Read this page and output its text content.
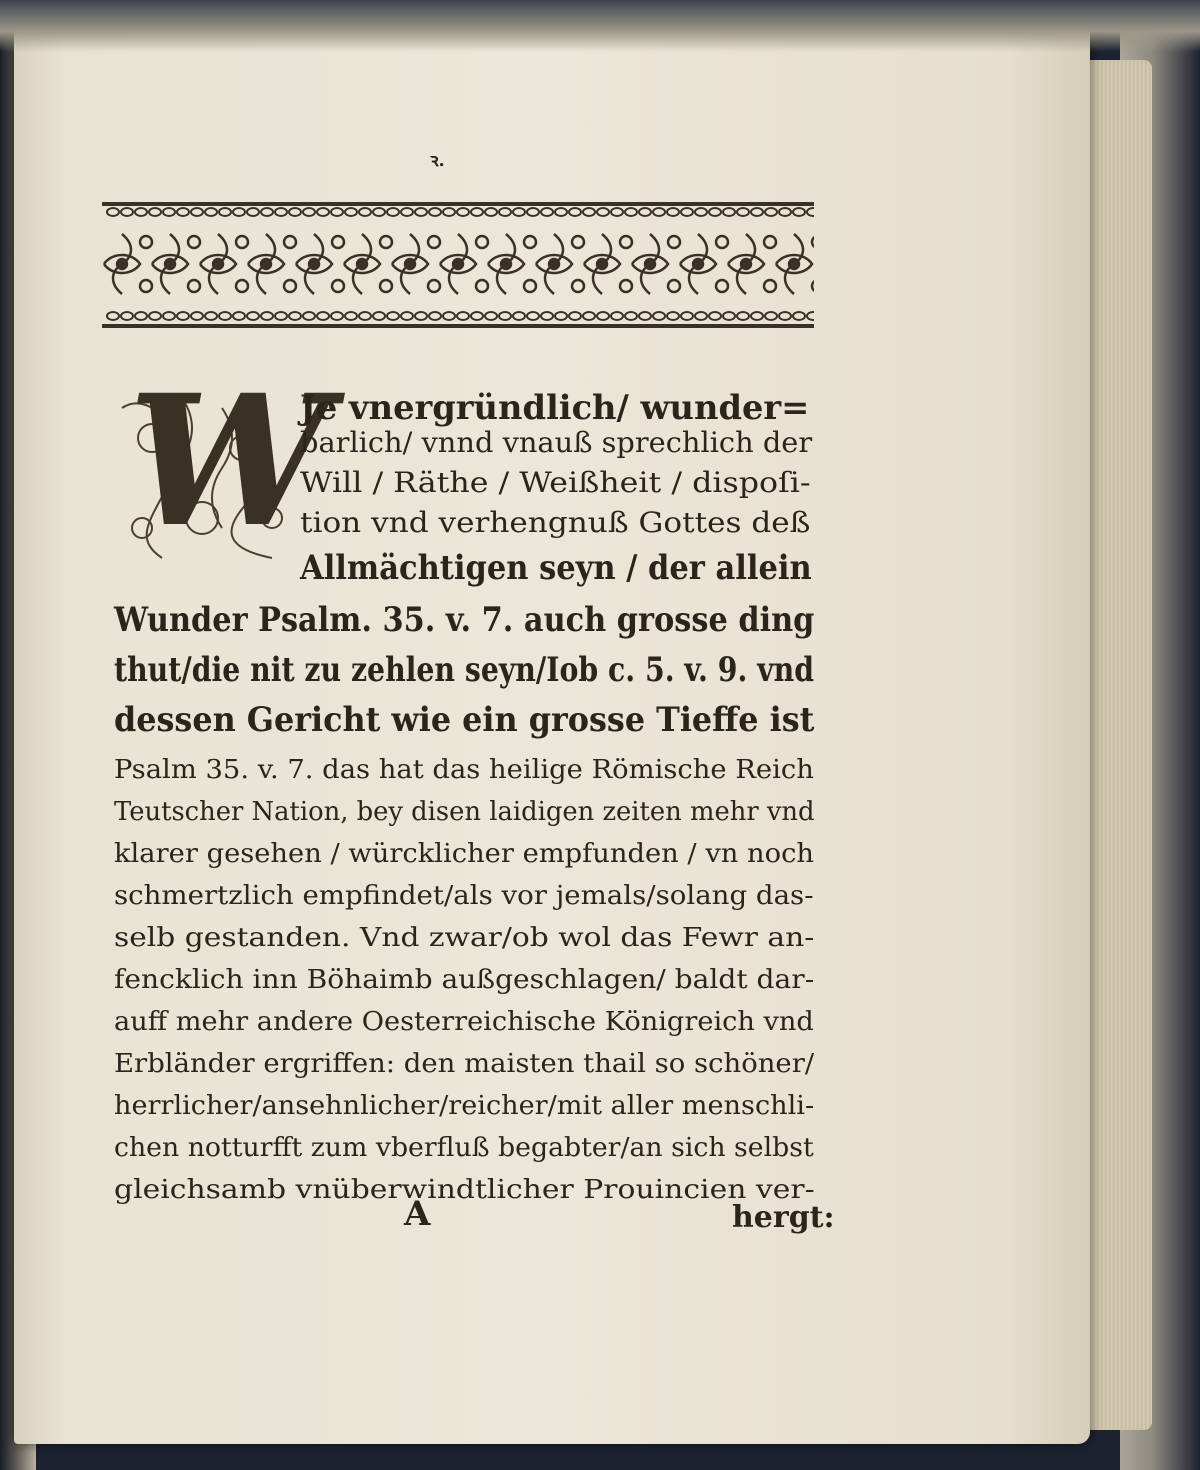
ꝛ.
W
Je vnergründlich/ wunder=
barlich/ vnnd vnauß sprechlich der
Will / Räthe / Weißheit / dispoſi-
tion vnd verhengnuß Gottes deß
Allmächtigen seyn / der allein
Wunder Psalm. 35. v. 7. auch grosse ding
thut/die nit zu zehlen seyn/Iob c. 5. v. 9. vnd
dessen Gericht wie ein grosse Tieffe ist
Psalm 35. v. 7. das hat das heilige Römische Reich
Teutscher Nation, bey disen laidigen zeiten mehr vnd
klarer gesehen / würcklicher empfunden / vn noch
schmertzlich empfindet/als vor jemals/solang das-
selb gestanden. Vnd zwar/ob wol das Fewr an-
fencklich inn Böhaimb außgeschlagen/ baldt dar-
auff mehr andere Oesterreichische Königreich vnd
Erbländer ergriffen: den maisten thail so schöner/
herrlicher/ansehnlicher/reicher/mit aller menschli-
chen notturfft zum vberfluß begabter/an sich selbst
gleichsamb vnüberwindtlicher Prouincien ver-
A	hergt:
